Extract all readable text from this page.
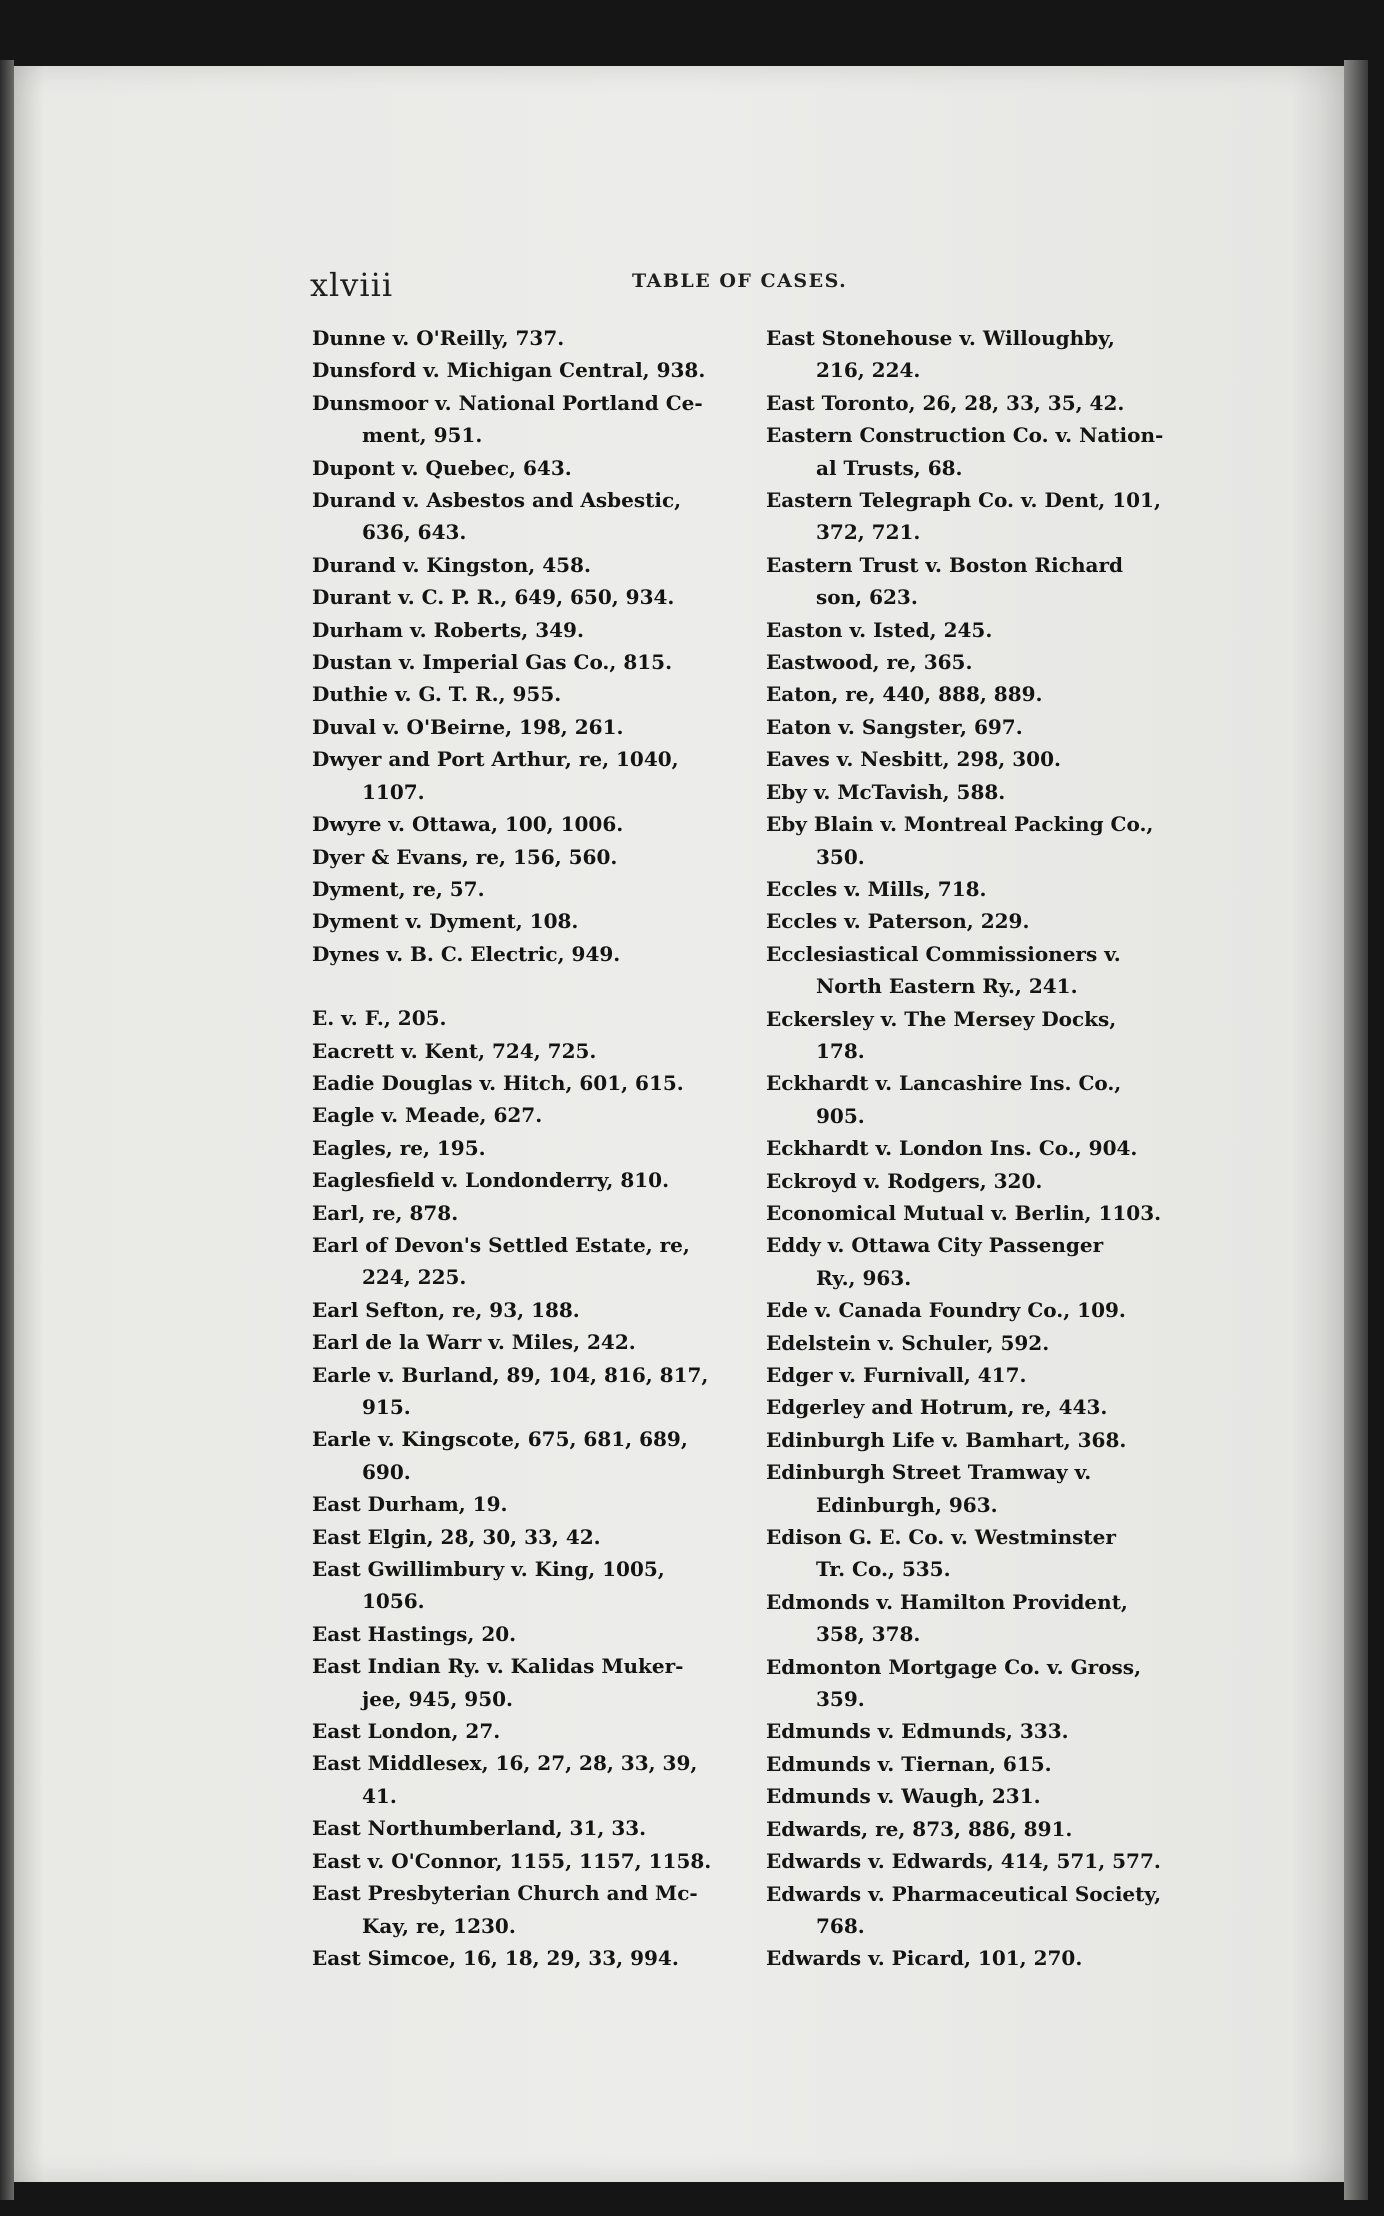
xlviii	TABLE OF CASES.
Dunne v. O'Reilly, 737.
Dunsford v. Michigan Central, 938.
Dunsmoor v. National Portland Ce-
ment, 951.
Dupont v. Quebec, 643.
Durand v. Asbestos and Asbestic,
636, 643.
Durand v. Kingston, 458.
Durant v. C. P. R., 649, 650, 934.
Durham v. Roberts, 349.
Dustan v. Imperial Gas Co., 815.
Duthie v. G. T. R., 955.
Duval v. O'Beirne, 198, 261.
Dwyer and Port Arthur, re, 1040,
1107.
Dwyre v. Ottawa, 100, 1006.
Dyer & Evans, re, 156, 560.
Dyment, re, 57.
Dyment v. Dyment, 108.
Dynes v. B. C. Electric, 949.
E. v. F., 205.
Eacrett v. Kent, 724, 725.
Eadie Douglas v. Hitch, 601, 615.
Eagle v. Meade, 627.
Eagles, re, 195.
Eaglesfield v. Londonderry, 810.
Earl, re, 878.
Earl of Devon's Settled Estate, re,
224, 225.
Earl Sefton, re, 93, 188.
Earl de la Warr v. Miles, 242.
Earle v. Burland, 89, 104, 816, 817,
915.
Earle v. Kingscote, 675, 681, 689,
690.
East Durham, 19.
East Elgin, 28, 30, 33, 42.
East Gwillimbury v. King, 1005,
1056.
East Hastings, 20.
East Indian Ry. v. Kalidas Muker-
jee, 945, 950.
East London, 27.
East Middlesex, 16, 27, 28, 33, 39,
41.
East Northumberland, 31, 33.
East v. O'Connor, 1155, 1157, 1158.
East Presbyterian Church and Mc-
Kay, re, 1230.
East Simcoe, 16, 18, 29, 33, 994.
East Stonehouse v. Willoughby,
216, 224.
East Toronto, 26, 28, 33, 35, 42.
Eastern Construction Co. v. Nation-
al Trusts, 68.
Eastern Telegraph Co. v. Dent, 101,
372, 721.
Eastern Trust v. Boston Richard
son, 623.
Easton v. Isted, 245.
Eastwood, re, 365.
Eaton, re, 440, 888, 889.
Eaton v. Sangster, 697.
Eaves v. Nesbitt, 298, 300.
Eby v. McTavish, 588.
Eby Blain v. Montreal Packing Co.,
350.
Eccles v. Mills, 718.
Eccles v. Paterson, 229.
Ecclesiastical Commissioners v.
North Eastern Ry., 241.
Eckersley v. The Mersey Docks,
178.
Eckhardt v. Lancashire Ins. Co.,
905.
Eckhardt v. London Ins. Co., 904.
Eckroyd v. Rodgers, 320.
Economical Mutual v. Berlin, 1103.
Eddy v. Ottawa City Passenger
Ry., 963.
Ede v. Canada Foundry Co., 109.
Edelstein v. Schuler, 592.
Edger v. Furnivall, 417.
Edgerley and Hotrum, re, 443.
Edinburgh Life v. Bamhart, 368.
Edinburgh Street Tramway v.
Edinburgh, 963.
Edison G. E. Co. v. Westminster
Tr. Co., 535.
Edmonds v. Hamilton Provident,
358, 378.
Edmonton Mortgage Co. v. Gross,
359.
Edmunds v. Edmunds, 333.
Edmunds v. Tiernan, 615.
Edmunds v. Waugh, 231.
Edwards, re, 873, 886, 891.
Edwards v. Edwards, 414, 571, 577.
Edwards v. Pharmaceutical Society,
768.
Edwards v. Picard, 101, 270.
